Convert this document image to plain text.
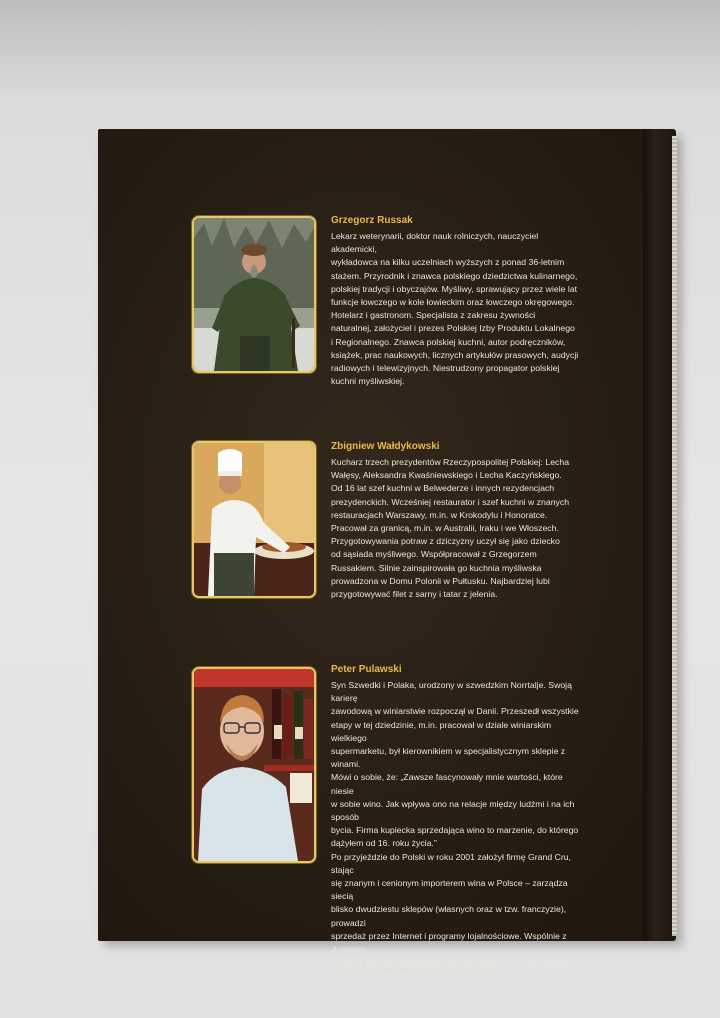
Grzegorz Russak

Lekarz weterynarii, doktor nauk rolniczych, nauczyciel akademicki,
wykładowca na kilku uczelniach wyższych z ponad 36-letnim
stażem. Przyrodnik i znawca polskiego dziedzictwa kulinarnego,
polskiej tradycji i obyczajów. Myśliwy, sprawujący przez wiele lat
funkcje łowczego w kole łowieckim oraz łowczego okręgowego.
Hotelarz i gastronom. Specjalista z zakresu żywności
naturalnej, założyciel i prezes Polskiej Izby Produktu Lokalnego
i Regionalnego. Znawca polskiej kuchni, autor podręczników,
książek, prac naukowych, licznych artykułów prasowych, audycji
radiowych i telewizyjnych. Niestrudzony propagator polskiej
kuchni myśliwskiej.

Zbigniew Wałdykowski

Kucharz trzech prezydentów Rzeczypospolitej Polskiej: Lecha
Wałęsy, Aleksandra Kwaśniewskiego i Lecha Kaczyńskiego.
Od 16 lat szef kuchni w Belwederze i innych rezydencjach
prezydenckich. Wcześniej restaurator i szef kuchni w znanych
restauracjach Warszawy, m.in. w Krokodylu i Honoratce.
Pracował za granicą, m.in. w Australii, Iraku i we Włoszech.
Przygotowywania potraw z dziczyzny uczył się jako dziecko
od sąsiada myśliwego. Współpracował z Grzegorzem
Russakiem. Silnie zainspirowała go kuchnia myśliwska
prowadzona w Domu Polonii w Pułtusku. Najbardziej lubi
przygotowywać filet z sarny i tatar z jelenia.

Peter Pulawski

Syn Szwedki i Polaka, urodzony w szwedzkim Norrtalje. Swoją karierę
zawodową w winiarstwie rozpoczął w Danii. Przeszedł wszystkie
etapy w tej dziedzinie, m.in. pracował w dziale winiarskim wielkiego
supermarketu, był kierownikiem w specjalistycznym sklepie z winami.
Mówi o sobie, że: „Zawsze fascynowały mnie wartości, które niesie
w sobie wino. Jak wpływa ono na relacje między ludźmi i na ich sposób
bycia. Firma kupiecka sprzedająca wino to marzenie, do którego
dążyłem od 16. roku życia.”
Po przyjeździe do Polski w roku 2001 założył firmę Grand Cru, stając
się znanym i cenionym importerem wina w Polsce – zarządza siecią
blisko dwudziestu sklepów (własnych oraz w tzw. franczyzie), prowadzi
sprzedaż przez Internet i programy lojalnościowe. Wspólnie z „Łowcem
Polskim” jest pomysłodawcą serii win łowieckich – dla myśliwych
i wszystkich miłośników dziczyzny i wina.
